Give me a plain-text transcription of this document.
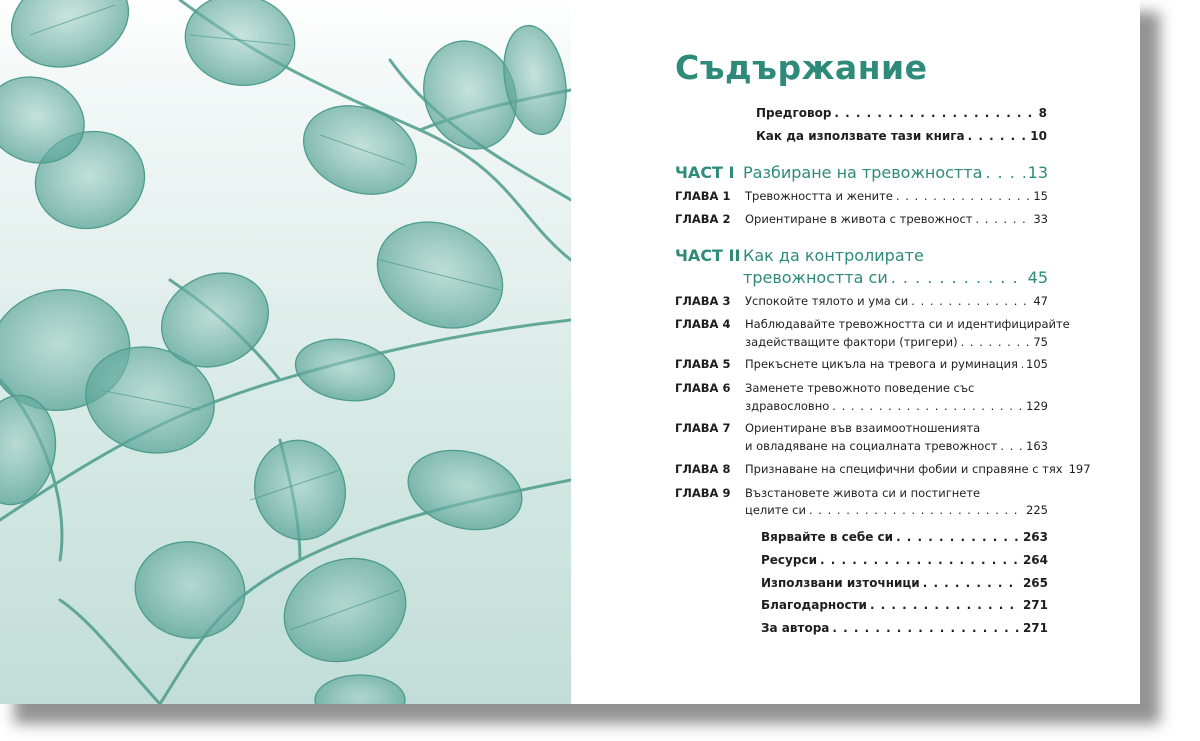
Съдържание
Предговор . . .	8
Как да използвате тази книга . . .	10
ЧАСТ I Разбиране на тревожността . . .	13
ГЛАВА 1 Тревожността и жените . . .	15
ГЛАВА 2 Ориентиране в живота с тревожност . . .	33
ЧАСТ II Как да контролирате
тревожността си . . .	45
ГЛАВА 3 Успокойте тялото и ума си . . .	47
ГЛАВА 4 Наблюдавайте тревожността си и идентифицирайте
задействащите фактори (тригери) . . .	75
ГЛАВА 5 Прекъснете цикъла на тревога и руминация . . . 105
ГЛАВА 6 Заменете тревожното поведение със
здравословно . . .	129
ГЛАВА 7 Ориентиране във взаимоотношенията
и овладяване на социалната тревожност . . . 163
ГЛАВА 8 Признаване на специфични фобии и справяне с тях 197
ГЛАВА 9 Възстановете живота си и постигнете
целите си . . .	225
Вярвайте в себе си . . .	263
Ресурси . . .	264
Използвани източници . . .	265
Благодарности . . .	271
За автора . . .	271
